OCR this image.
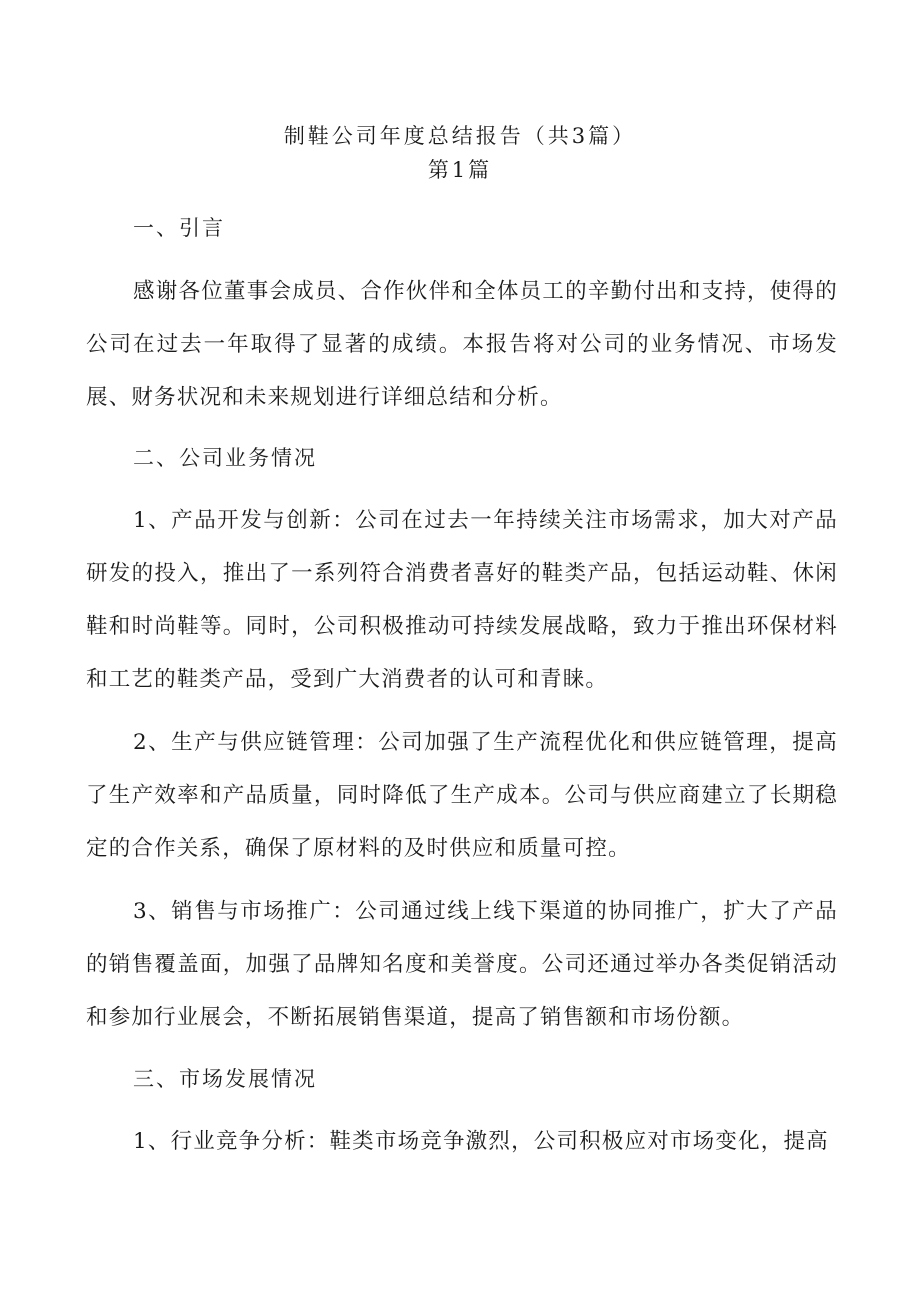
制鞋公司年度总结报告（共3篇）
第1篇
一、引言

感谢各位董事会成员、合作伙伴和全体员工的辛勤付出和支持，使得的公司在过去一年取得了显著的成绩。本报告将对公司的业务情况、市场发展、财务状况和未来规划进行详细总结和分析。

二、公司业务情况

1、产品开发与创新：公司在过去一年持续关注市场需求，加大对产品研发的投入，推出了一系列符合消费者喜好的鞋类产品，包括运动鞋、休闲鞋和时尚鞋等。同时，公司积极推动可持续发展战略，致力于推出环保材料和工艺的鞋类产品，受到广大消费者的认可和青睐。

2、生产与供应链管理：公司加强了生产流程优化和供应链管理，提高了生产效率和产品质量，同时降低了生产成本。公司与供应商建立了长期稳定的合作关系，确保了原材料的及时供应和质量可控。

3、销售与市场推广：公司通过线上线下渠道的协同推广，扩大了产品的销售覆盖面，加强了品牌知名度和美誉度。公司还通过举办各类促销活动和参加行业展会，不断拓展销售渠道，提高了销售额和市场份额。

三、市场发展情况

1、行业竞争分析：鞋类市场竞争激烈，公司积极应对市场变化，提高
